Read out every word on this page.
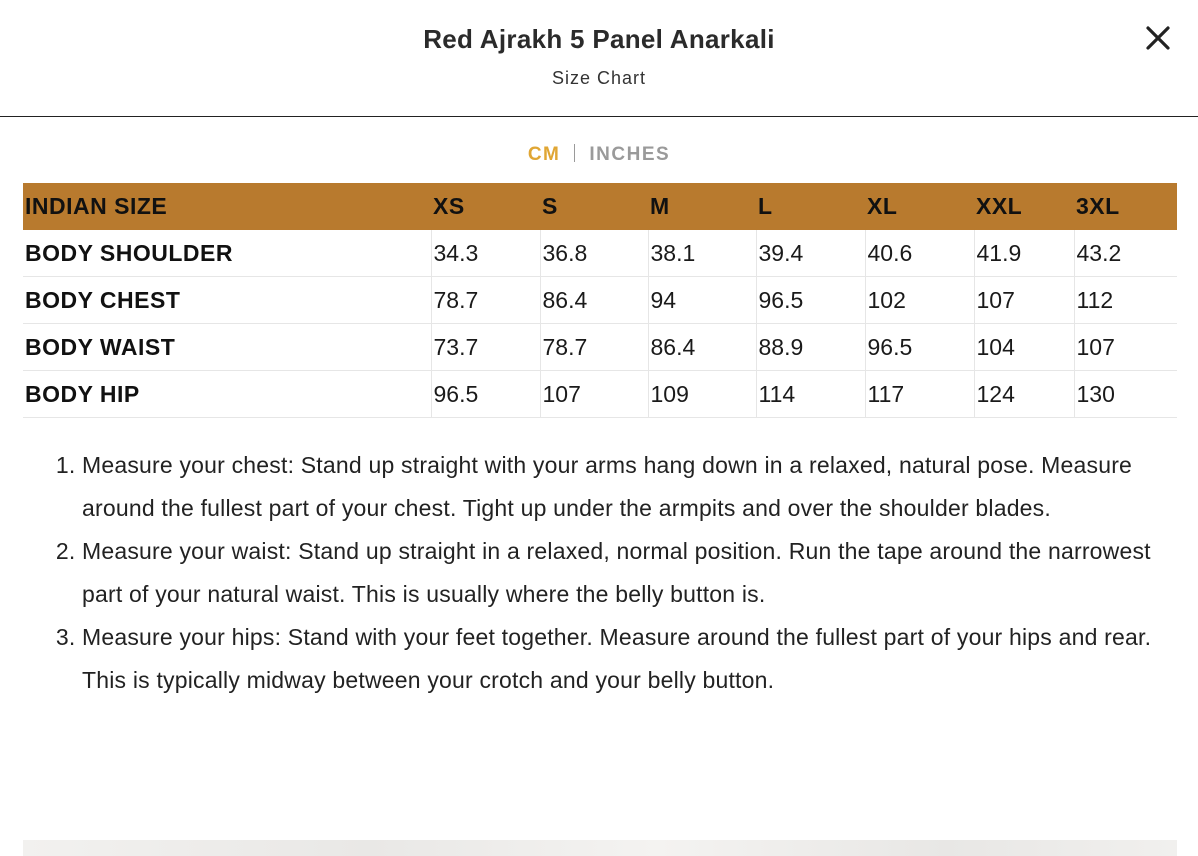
Red Ajrakh 5 Panel Anarkali

Size Chart

CM INCHES
INDIAN SIZE	XS	S	M	L	XL	XXL	3XL
BODY SHOULDER	34.3	36.8	38.1	39.4	40.6	41.9	43.2
BODY CHEST	78.7	86.4	94	96.5	102	107	112
BODY WAIST	73.7	78.7	86.4	88.9	96.5	104	107
BODY HIP	96.5	107	109	114	117	124	130
1. Measure your chest: Stand up straight with your arms hang down in a relaxed, natural pose. Measure around the fullest part of your chest. Tight up under the armpits and over the shoulder blades.
2. Measure your waist: Stand up straight in a relaxed, normal position. Run the tape around the narrowest part of your natural waist. This is usually where the belly button is.
3. Measure your hips: Stand with your feet together. Measure around the fullest part of your hips and rear. This is typically midway between your crotch and your belly button.
